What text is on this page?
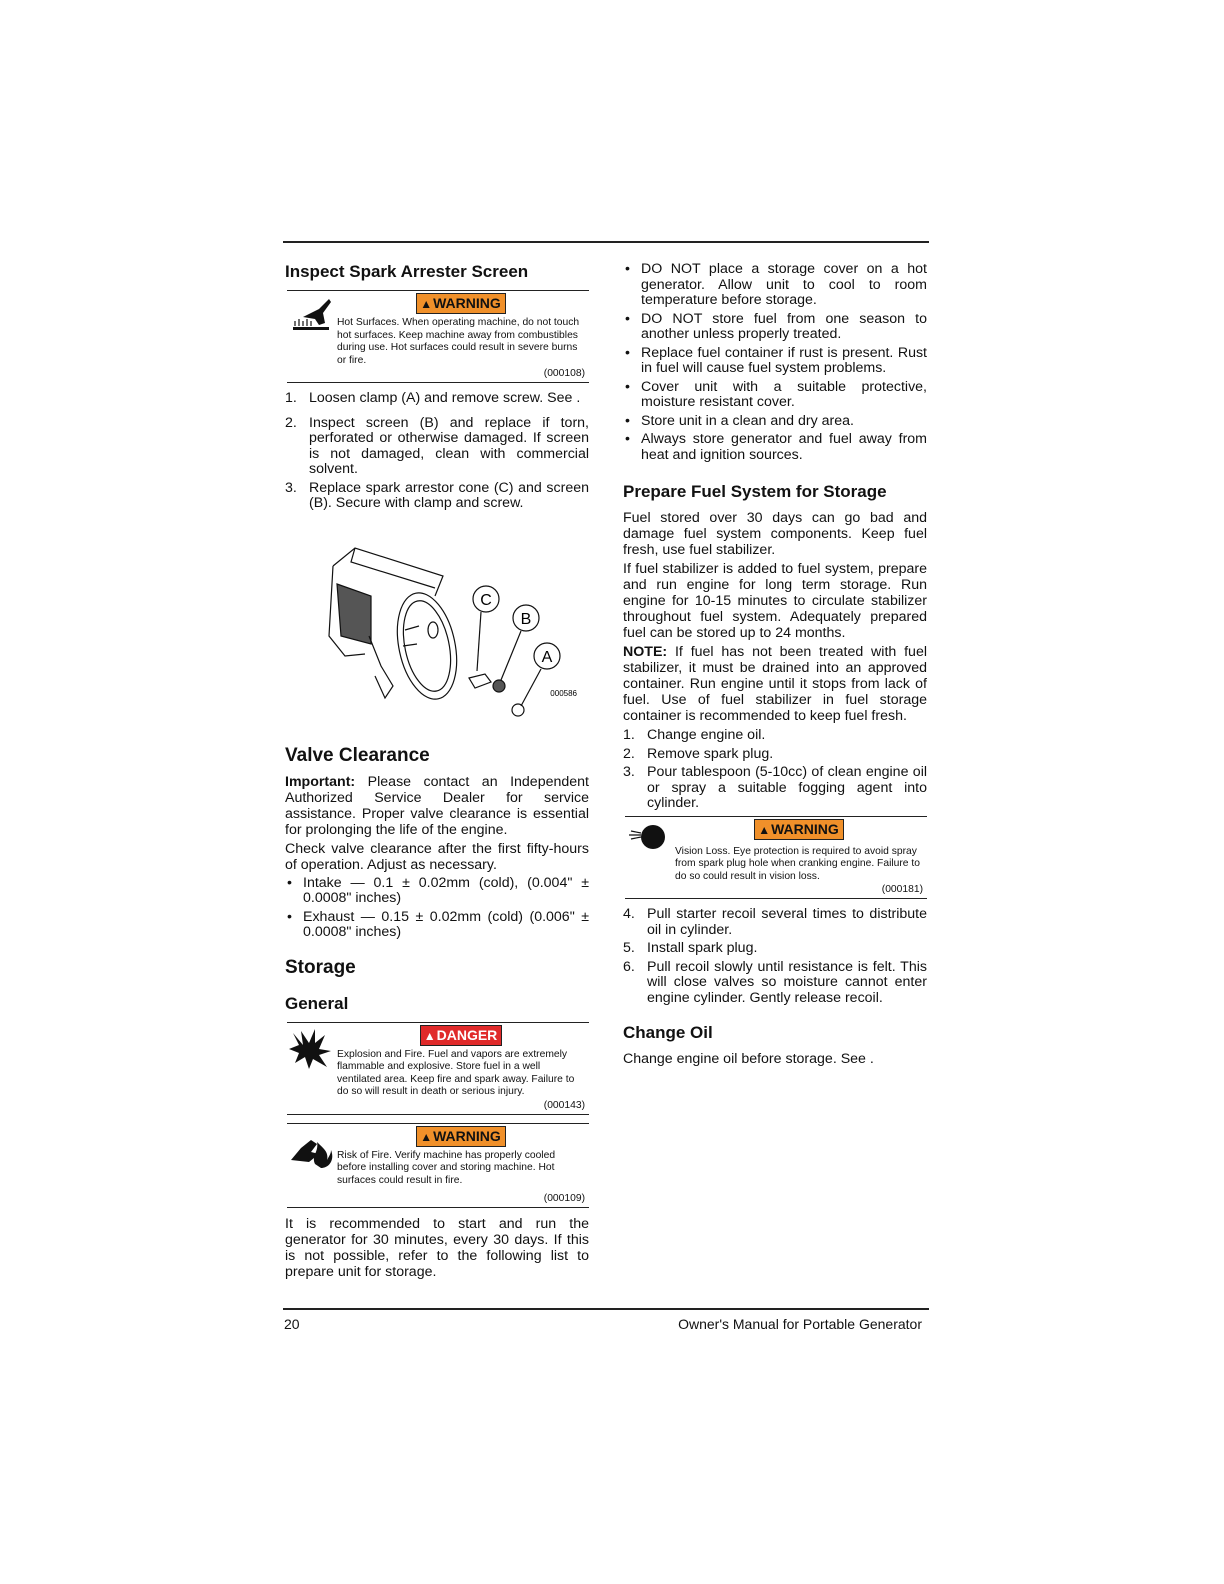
Inspect Spark Arrester Screen
▲WARNING

Hot Surfaces. When operating machine, do not touch hot surfaces. Keep machine away from combustibles during use. Hot surfaces could result in severe burns or fire.

(000108)
1. Loosen clamp (A) and remove screw. See .
2. Inspect screen (B) and replace if torn, perforated or otherwise damaged. If screen is not damaged, clean with commercial solvent.
3. Replace spark arrestor cone (C) and screen (B). Secure with clamp and screw.
C
B
A
000586
Valve Clearance

Important: Please contact an Independent Authorized Service Dealer for service assistance. Proper valve clearance is essential for prolonging the life of the engine.

Check valve clearance after the first fifty-hours of operation. Adjust as necessary.

• Intake — 0.1 ± 0.02mm (cold), (0.004" ± 0.0008" inches)
• Exhaust — 0.15 ± 0.02mm (cold) (0.006" ± 0.0008" inches)
Storage
General
▲DANGER

Explosion and Fire. Fuel and vapors are extremely flammable and explosive. Store fuel in a well ventilated area. Keep fire and spark away. Failure to do so will result in death or serious injury.

(000143)
▲WARNING

Risk of Fire. Verify machine has properly cooled before installing cover and storing machine. Hot surfaces could result in fire.

(000109)

It is recommended to start and run the generator for 30 minutes, every 30 days. If this is not possible, refer to the following list to prepare unit for storage.

• DO NOT place a storage cover on a hot generator. Allow unit to cool to room temperature before storage.
• DO NOT store fuel from one season to another unless properly treated.
• Replace fuel container if rust is present. Rust in fuel will cause fuel system problems.
• Cover unit with a suitable protective, moisture resistant cover.
• Store unit in a clean and dry area.
• Always store generator and fuel away from heat and ignition sources.
Prepare Fuel System for Storage

Fuel stored over 30 days can go bad and damage fuel system components. Keep fuel fresh, use fuel stabilizer.

If fuel stabilizer is added to fuel system, prepare and run engine for long term storage. Run engine for 10-15 minutes to circulate stabilizer throughout fuel system. Adequately prepared fuel can be stored up to 24 months.

NOTE: If fuel has not been treated with fuel stabilizer, it must be drained into an approved container. Run engine until it stops from lack of fuel. Use of fuel stabilizer in fuel storage container is recommended to keep fuel fresh.

1. Change engine oil.
2. Remove spark plug.
3. Pour tablespoon (5-10cc) of clean engine oil or spray a suitable fogging agent into cylinder.
▲WARNING

Vision Loss. Eye protection is required to avoid spray from spark plug hole when cranking engine. Failure to do so could result in vision loss.

(000181)
4. Pull starter recoil several times to distribute oil in cylinder.
5. Install spark plug.
6. Pull recoil slowly until resistance is felt. This will close valves so moisture cannot enter engine cylinder. Gently release recoil.
Change Oil

Change engine oil before storage. See .

20	Owner's Manual for Portable Generator
